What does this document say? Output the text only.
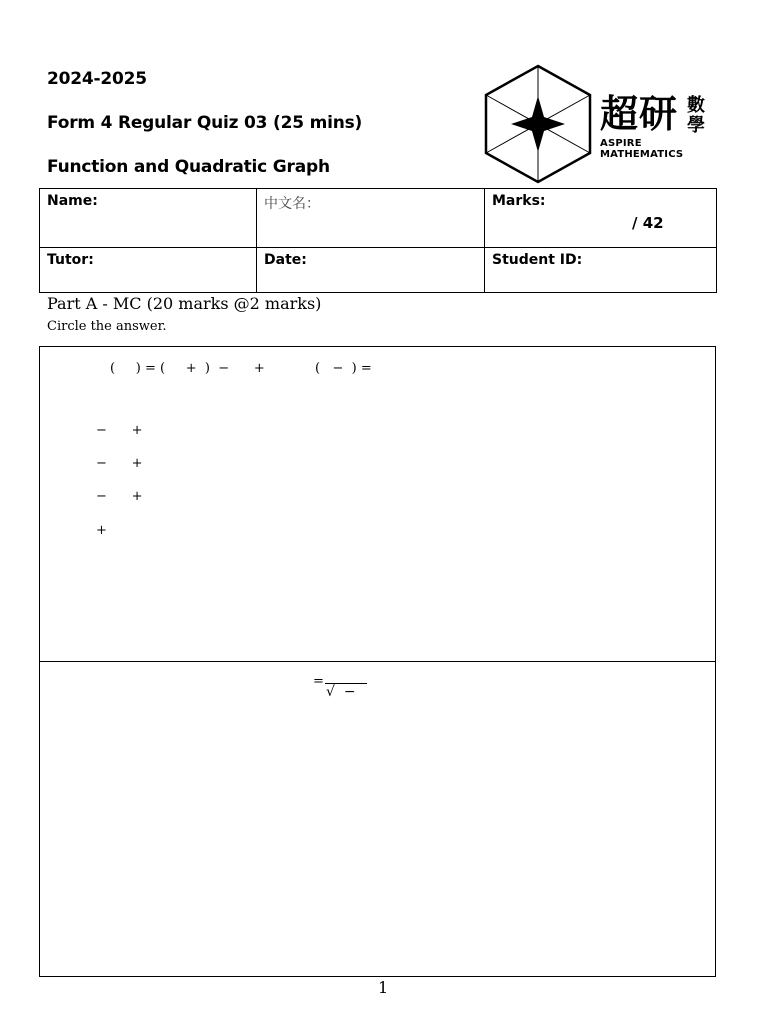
2024-2025
Form 4 Regular Quiz 03 (25 mins)
Function and Quadratic Graph
超研 數學
ASPIRE MATHEMATICS
Name:	中文名：	Marks:
/ 42

Tutor:	Date:	Student ID:
Part A - MC (20 marks @2 marks)
Circle the answer.
(     ) = (     +  )  −      +	(   −  ) =
−      +
−      +
−      +
+
=
√  −
1
